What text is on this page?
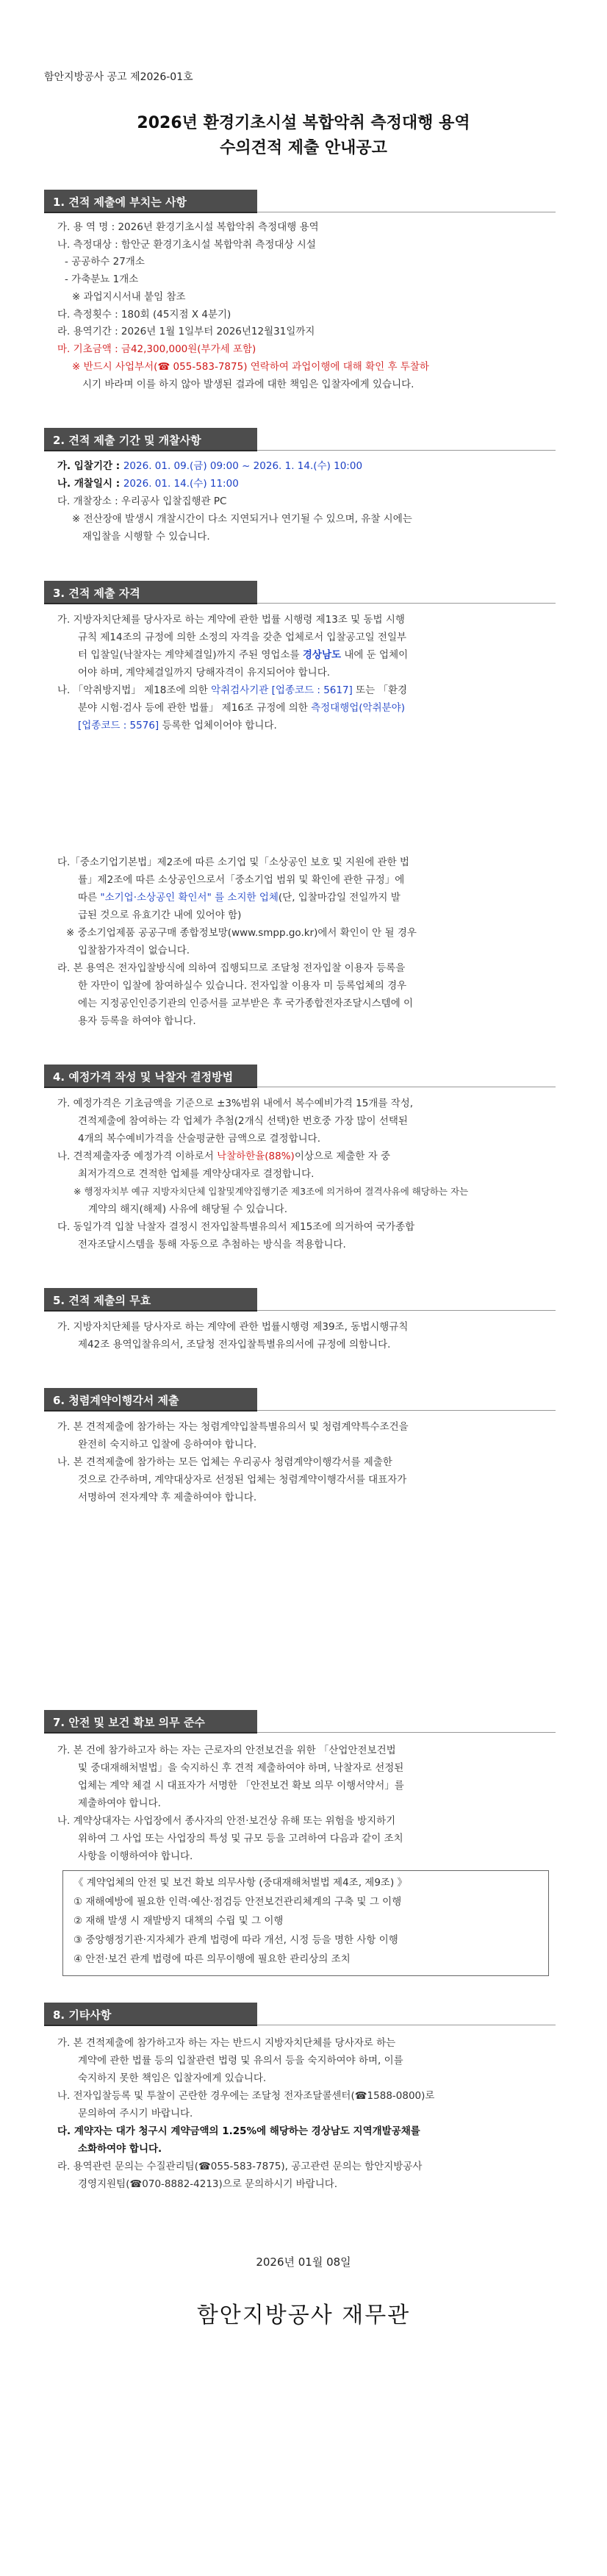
함안지방공사 공고 제2026-01호
2026년 환경기초시설 복합악취 측정대행 용역
수의견적 제출 안내공고
1. 견적 제출에 부치는 사항
가. 용 역 명 : 2026년 환경기초시설 복합악취 측정대행 용역
나. 측정대상 : 함안군 환경기초시설 복합악취 측정대상 시설
- 공공하수 27개소
- 가축분뇨 1개소
※ 과업지시서내 붙임 참조
다. 측정횟수 : 180회 (45지점 X 4분기)
라. 용역기간 : 2026년 1월 1일부터 2026년12월31일까지
마. 기초금액 : 금42,300,000원(부가세 포함)
※ 반드시 사업부서(☎ 055-583-7875) 연락하여 과업이행에 대해 확인 후 투찰하
시기 바라며 이를 하지 않아 발생된 결과에 대한 책임은 입찰자에게 있습니다.
2. 견적 제출 기간 및 개찰사항
가. 입찰기간 : 2026. 01. 09.(금) 09:00 ~ 2026. 1. 14.(수) 10:00
나. 개찰일시 : 2026. 01. 14.(수) 11:00
다. 개찰장소 : 우리공사 입찰집행관 PC
※ 전산장애 발생시 개찰시간이 다소 지연되거나 연기될 수 있으며, 유찰 시에는
재입찰을 시행할 수 있습니다.
3. 견적 제출 자격
가. 지방자치단체를 당사자로 하는 계약에 관한 법률 시행령 제13조 및 동법 시행
규칙 제14조의 규정에 의한 소정의 자격을 갖춘 업체로서 입찰공고일 전일부
터 입찰일(낙찰자는 계약체결일)까지 주된 영업소를 경상남도 내에 둔 업체이
어야 하며, 계약체결일까지 당해자격이 유지되어야 합니다.
나. 「악취방지법」 제18조에 의한 악취검사기관 [업종코드 : 5617] 또는 「환경
분야 시험·검사 등에 관한 법률」 제16조 규정에 의한 측정대행업(악취분야)
[업종코드 : 5576] 등록한 업체이어야 합니다.
다.「중소기업기본법」제2조에 따른 소기업 및「소상공인 보호 및 지원에 관한 법
률」제2조에 따른 소상공인으로서「중소기업 범위 및 확인에 관한 규정」에
따른 "소기업·소상공인 확인서" 를 소지한 업체(단, 입찰마감일 전일까지 발
급된 것으로 유효기간 내에 있어야 함)
※ 중소기업제품 공공구매 종합정보망(www.smpp.go.kr)에서 확인이 안 될 경우
입찰참가자격이 없습니다.
라. 본 용역은 전자입찰방식에 의하여 집행되므로 조달청 전자입찰 이용자 등록을
한 자만이 입찰에 참여하실수 있습니다. 전자입찰 이용자 미 등록업체의 경우
에는 지정공인인증기관의 인증서를 교부받은 후 국가종합전자조달시스템에 이
용자 등록을 하여야 합니다.
4. 예정가격 작성 및 낙찰자 결정방법
가. 예정가격은 기초금액을 기준으로 ±3%범위 내에서 복수예비가격 15개를 작성,
견적제출에 참여하는 각 업체가 추첨(2개식 선택)한 번호중 가장 많이 선택된
4개의 복수예비가격을 산술평균한 금액으로 결정합니다.
나. 견적제출자중 예정가격 이하로서 낙찰하한율(88%)이상으로 제출한 자 중
최저가격으로 견적한 업체를 계약상대자로 결정합니다.
※ 행정자치부 예규 지방자치단체 입찰및계약집행기준 제3조에 의거하여 결격사유에 해당하는 자는
계약의 해지(해제) 사유에 해당될 수 있습니다.
다. 동일가격 입찰 낙찰자 결정시 전자입찰특별유의서 제15조에 의거하여 국가종합
전자조달시스템을 통해 자동으로 추첨하는 방식을 적용합니다.
5. 견적 제출의 무효
가. 지방자치단체를 당사자로 하는 계약에 관한 법률시행령 제39조, 동법시행규칙
제42조 용역입찰유의서, 조달청 전자입찰특별유의서에 규정에 의함니다.
6. 청렴계약이행각서 제출
가. 본 견적제출에 참가하는 자는 청렴계약입찰특별유의서 및 청렴계약특수조건을
완전히 숙지하고 입찰에 응하여야 합니다.
나. 본 견적제출에 참가하는 모든 업체는 우리공사 청렴계약이행각서를 제출한
것으로 간주하며, 계약대상자로 선정된 업체는 청렴계약이행각서를 대표자가
서명하여 전자계약 후 제출하여야 합니다.
7. 안전 및 보건 확보 의무 준수
가. 본 건에 참가하고자 하는 자는 근로자의 안전보건을 위한 「산업안전보건법
및 중대재해처벌법」을 숙지하신 후 견적 제출하여야 하며, 낙찰자로 선정된
업체는 계약 체결 시 대표자가 서명한 「안전보건 확보 의무 이행서약서」를
제출하여야 합니다.
나. 계약상대자는 사업장에서 종사자의 안전·보건상 유해 또는 위험을 방지하기
위하여 그 사업 또는 사업장의 특성 및 규모 등을 고려하여 다음과 같이 조치
사항을 이행하여야 합니다.
《 계약업체의 안전 및 보건 확보 의무사항 (중대재해처벌법 제4조, 제9조) 》
① 재해예방에 필요한 인력·예산·점검등 안전보건관리체계의 구축 및 그 이행
② 재해 발생 시 재발방지 대책의 수립 및 그 이행
③ 중앙행정기관·지자체가 관계 법령에 따라 개선, 시정 등을 명한 사항 이행
④ 안전·보건 관계 법령에 따른 의무이행에 필요한 관리상의 조치
8. 기타사항
가. 본 견적제출에 참가하고자 하는 자는 반드시 지방자치단체를 당사자로 하는
계약에 관한 법률 등의 입찰관련 법령 및 유의서 등을 숙지하여야 하며, 이를
숙지하지 못한 책임은 입찰자에게 있습니다.
나. 전자입찰등록 및 투찰이 곤란한 경우에는 조달청 전자조달콜센터(☎1588-0800)로
문의하여 주시기 바랍니다.
다. 계약자는 대가 청구시 계약금액의 1.25%에 해당하는 경상남도 지역개발공채를
소화하여야 합니다.
라. 용역관련 문의는 수질관리팀(☎055-583-7875), 공고관련 문의는 함안지방공사
경영지원팀(☎070-8882-4213)으로 문의하시기 바랍니다.
2026년 01월 08일
함안지방공사 재무관
